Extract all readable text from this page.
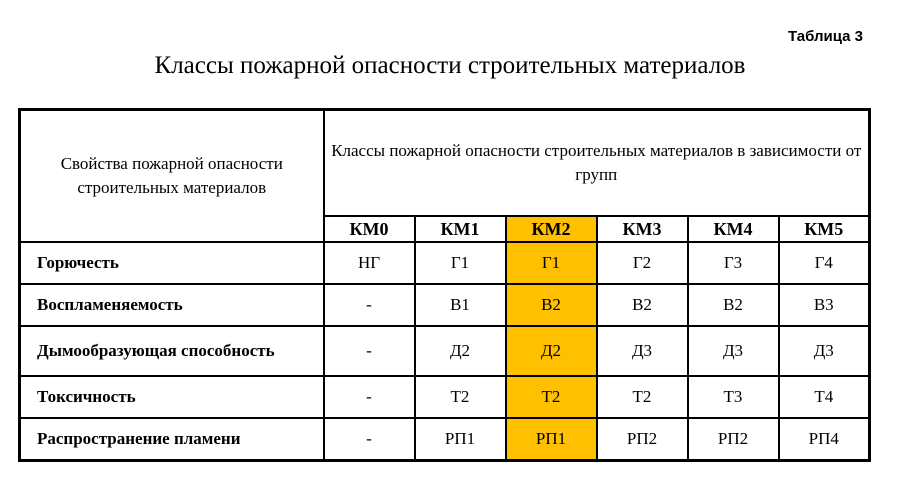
Таблица 3
Классы пожарной опасности строительных материалов
Свойства пожарной опасности строительных материалов	Классы пожарной опасности строительных материалов в зависимости от групп					
	КМ0	КМ1	КМ2	КМ3	КМ4	КМ5
Горючесть	НГ	Г1	Г1	Г2	Г3	Г4
Воспламеняемость	-	В1	В2	В2	В2	В3
Дымообразующая способность	-	Д2	Д2	Д3	Д3	Д3
Токсичность	-	Т2	Т2	Т2	Т3	Т4
Распространение пламени	-	РП1	РП1	РП2	РП2	РП4
